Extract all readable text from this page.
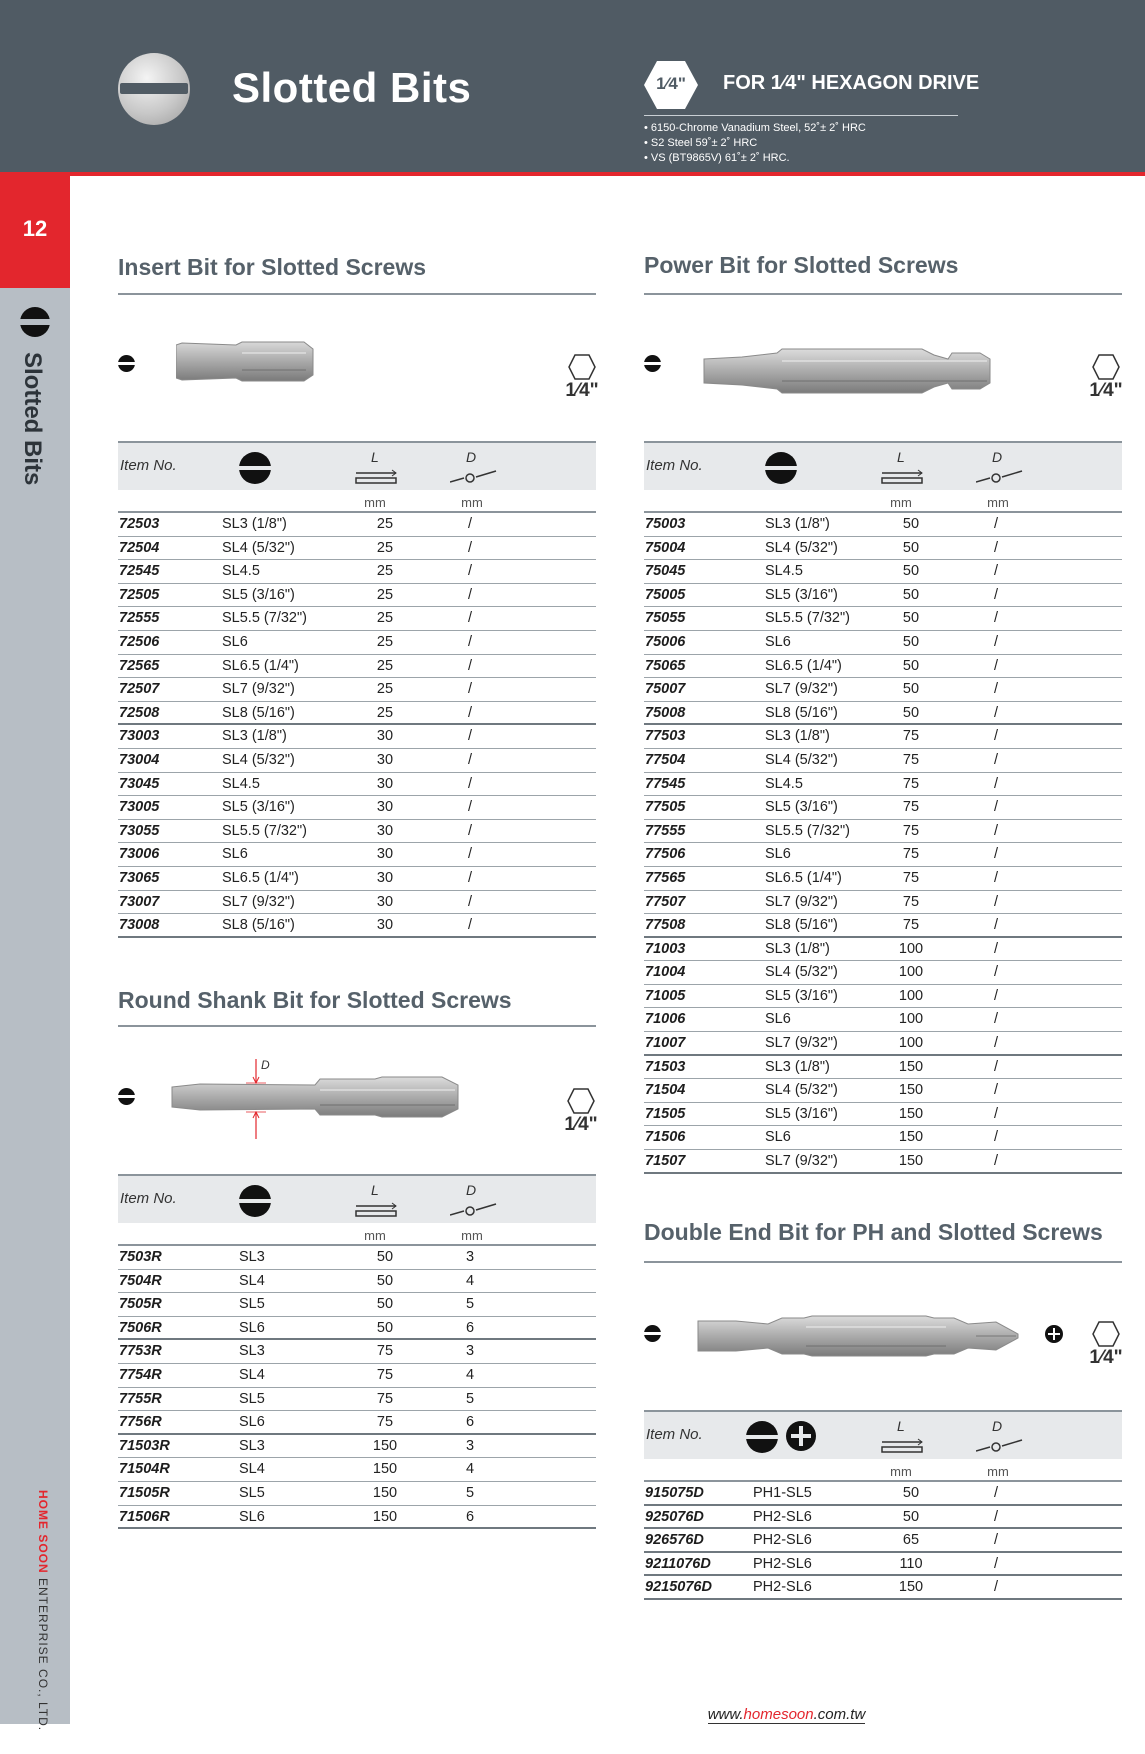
Slotted Bits	1⁄4"	FOR 1⁄4" HEXAGON DRIVE
• 6150-Chrome Vanadium Steel, 52˚± 2˚ HRC
• S2 Steel 59˚± 2˚ HRC
• VS (BT9865V) 61˚± 2˚ HRC.
12
Slotted Bits
HOME SOON ENTERPRISE CO., LTD.
Insert Bit for Slotted Screws
1⁄4"
Item No.	L	D
mm	mm
72503	SL3 (1/8")	25	/
72504	SL4 (5/32")	25	/
72545	SL4.5	25	/
72505	SL5 (3/16")	25	/
72555	SL5.5 (7/32")	25	/
72506	SL6	25	/
72565	SL6.5 (1/4")	25	/
72507	SL7 (9/32")	25	/
72508	SL8 (5/16")	25	/
73003	SL3 (1/8")	30	/
73004	SL4 (5/32")	30	/
73045	SL4.5	30	/
73005	SL5 (3/16")	30	/
73055	SL5.5 (7/32")	30	/
73006	SL6	30	/
73065	SL6.5 (1/4")	30	/
73007	SL7 (9/32")	30	/
73008	SL8 (5/16")	30	/
Round Shank Bit for Slotted Screws
D
1⁄4"
Item No.	L	D
mm	mm
7503R	SL3	50	3
7504R	SL4	50	4
7505R	SL5	50	5
7506R	SL6	50	6
7753R	SL3	75	3
7754R	SL4	75	4
7755R	SL5	75	5
7756R	SL6	75	6
71503R	SL3	150	3
71504R	SL4	150	4
71505R	SL5	150	5
71506R	SL6	150	6
Power Bit for Slotted Screws
1⁄4"
Item No.	L	D
mm	mm
75003	SL3 (1/8")	50	/
75004	SL4 (5/32")	50	/
75045	SL4.5	50	/
75005	SL5 (3/16")	50	/
75055	SL5.5 (7/32")	50	/
75006	SL6	50	/
75065	SL6.5 (1/4")	50	/
75007	SL7 (9/32")	50	/
75008	SL8 (5/16")	50	/
77503	SL3 (1/8")	75	/
77504	SL4 (5/32")	75	/
77545	SL4.5	75	/
77505	SL5 (3/16")	75	/
77555	SL5.5 (7/32")	75	/
77506	SL6	75	/
77565	SL6.5 (1/4")	75	/
77507	SL7 (9/32")	75	/
77508	SL8 (5/16")	75	/
71003	SL3 (1/8")	100	/
71004	SL4 (5/32")	100	/
71005	SL5 (3/16")	100	/
71006	SL6	100	/
71007	SL7 (9/32")	100	/
71503	SL3 (1/8")	150	/
71504	SL4 (5/32")	150	/
71505	SL5 (3/16")	150	/
71506	SL6	150	/
71507	SL7 (9/32")	150	/
Double End Bit for PH and Slotted Screws
1⁄4"
Item No.	L	D
mm	mm
915075D	PH1-SL5	50	/
925076D	PH2-SL6	50	/
926576D	PH2-SL6	65	/
9211076D	PH2-SL6	110	/
9215076D	PH2-SL6	150	/
www.homesoon.com.tw
